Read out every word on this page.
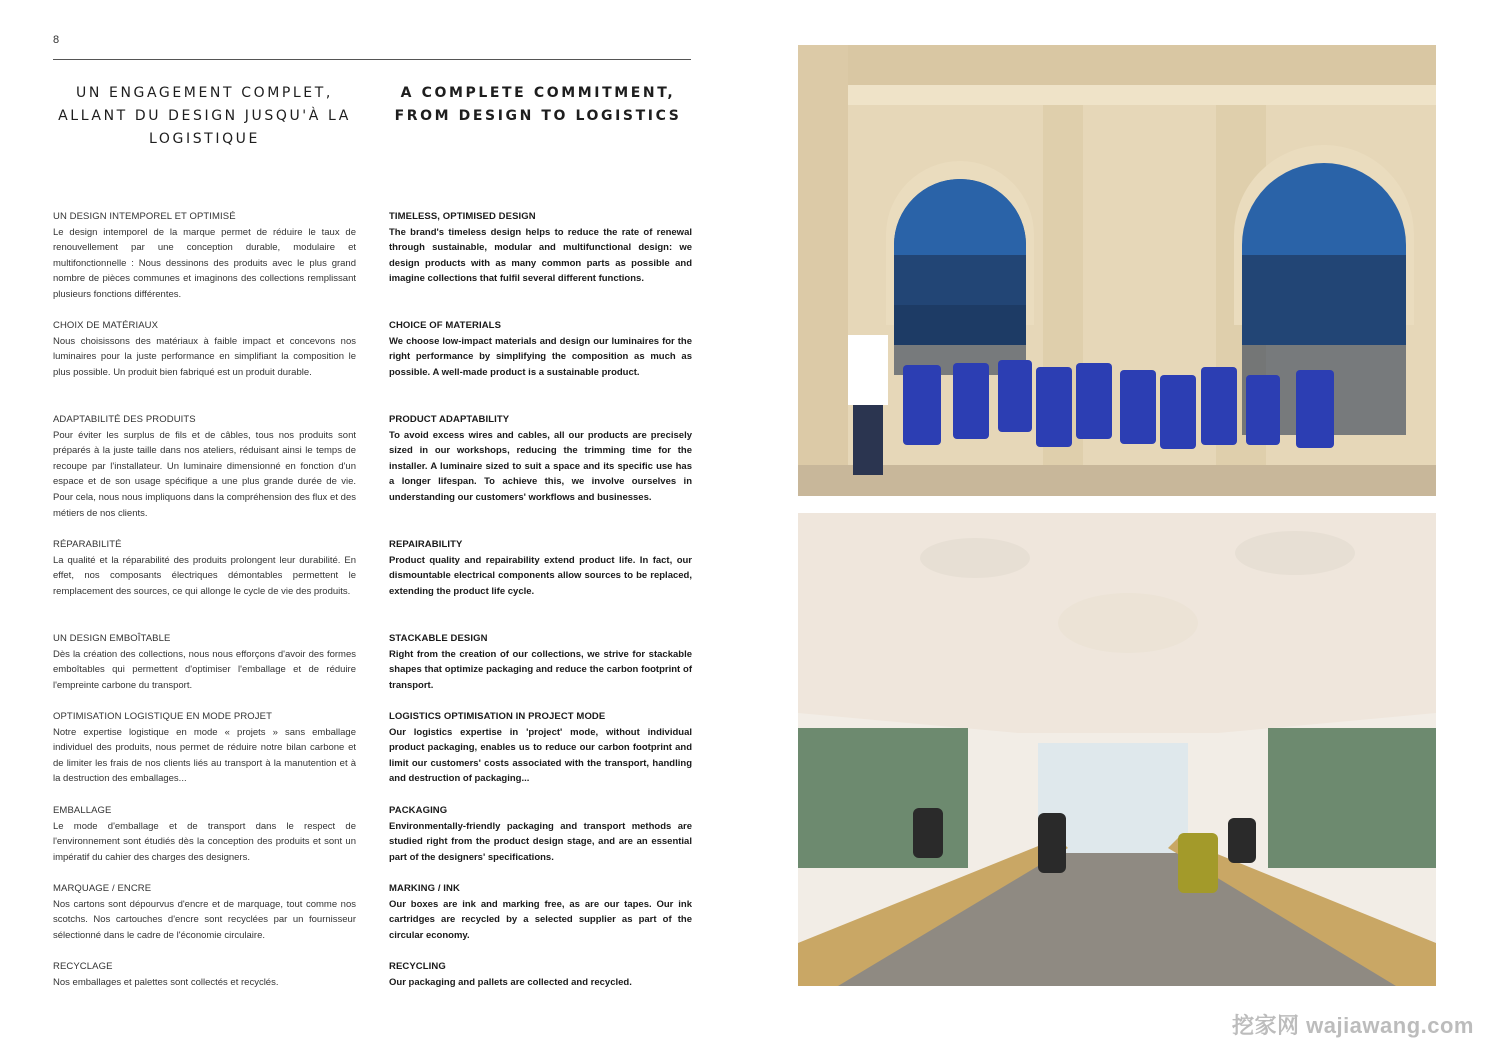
8
UN ENGAGEMENT COMPLET, ALLANT DU DESIGN JUSQU'À LA LOGISTIQUE
A COMPLETE COMMITMENT, FROM DESIGN TO LOGISTICS
UN DESIGN INTEMPOREL ET OPTIMISÉ
Le design intemporel de la marque permet de réduire le taux de renouvellement par une conception durable, modulaire et multifonctionnelle : Nous dessinons des produits avec le plus grand nombre de pièces communes et imaginons des collections remplissant plusieurs fonctions différentes.
CHOIX DE MATÉRIAUX
Nous choisissons des matériaux à faible impact et concevons nos luminaires pour la juste performance en simplifiant la composition le plus possible. Un produit bien fabriqué est un produit durable.
ADAPTABILITÉ DES PRODUITS
Pour éviter les surplus de fils et de câbles, tous nos produits sont préparés à la juste taille dans nos ateliers, réduisant ainsi le temps de recoupe par l'installateur. Un luminaire dimensionné en fonction d'un espace et de son usage spécifique a une plus grande durée de vie. Pour cela, nous nous impliquons dans la compréhension des flux et des métiers de nos clients.
RÉPARABILITÉ
La qualité et la réparabilité des produits prolongent leur durabilité. En effet, nos composants électriques démontables permettent le remplacement des sources, ce qui allonge le cycle de vie des produits.
UN DESIGN EMBOÎTABLE
Dès la création des collections, nous nous efforçons d'avoir des formes emboîtables qui permettent d'optimiser l'emballage et de réduire l'empreinte carbone du transport.
OPTIMISATION LOGISTIQUE EN MODE PROJET
Notre expertise logistique en mode « projets » sans emballage individuel des produits, nous permet de réduire notre bilan carbone et de limiter les frais de nos clients liés au transport à la manutention et à la destruction des emballages...
EMBALLAGE
Le mode d'emballage et de transport dans le respect de l'environnement sont étudiés dès la conception des produits et sont un impératif du cahier des charges des designers.
MARQUAGE / ENCRE
Nos cartons sont dépourvus d'encre et de marquage, tout comme nos scotchs. Nos cartouches d'encre sont recyclées par un fournisseur sélectionné dans le cadre de l'économie circulaire.
RECYCLAGE
Nos emballages et palettes sont collectés et recyclés.
TIMELESS, OPTIMISED DESIGN
The brand's timeless design helps to reduce the rate of renewal through sustainable, modular and multifunctional design: we design products with as many common parts as possible and imagine collections that fulfil several different functions.
CHOICE OF MATERIALS
We choose low-impact materials and design our luminaires for the right performance by simplifying the composition as much as possible. A well-made product is a sustainable product.
PRODUCT ADAPTABILITY
To avoid excess wires and cables, all our products are precisely sized in our workshops, reducing the trimming time for the installer. A luminaire sized to suit a space and its specific use has a longer lifespan. To achieve this, we involve ourselves in understanding our customers' workflows and businesses.
REPAIRABILITY
Product quality and repairability extend product life. In fact, our dismountable electrical components allow sources to be replaced, extending the product life cycle.
STACKABLE DESIGN
Right from the creation of our collections, we strive for stackable shapes that optimize packaging and reduce the carbon footprint of transport.
LOGISTICS OPTIMISATION IN PROJECT MODE
Our logistics expertise in 'project' mode, without individual product packaging, enables us to reduce our carbon footprint and limit our customers' costs associated with the transport, handling and destruction of packaging...
PACKAGING
Environmentally-friendly packaging and transport methods are studied right from the product design stage, and are an essential part of the designers' specifications.
MARKING / INK
Our boxes are ink and marking free, as are our tapes. Our ink cartridges are recycled by a selected supplier as part of the circular economy.
RECYCLING
Our packaging and pallets are collected and recycled.
挖家网 wajiawang.com
